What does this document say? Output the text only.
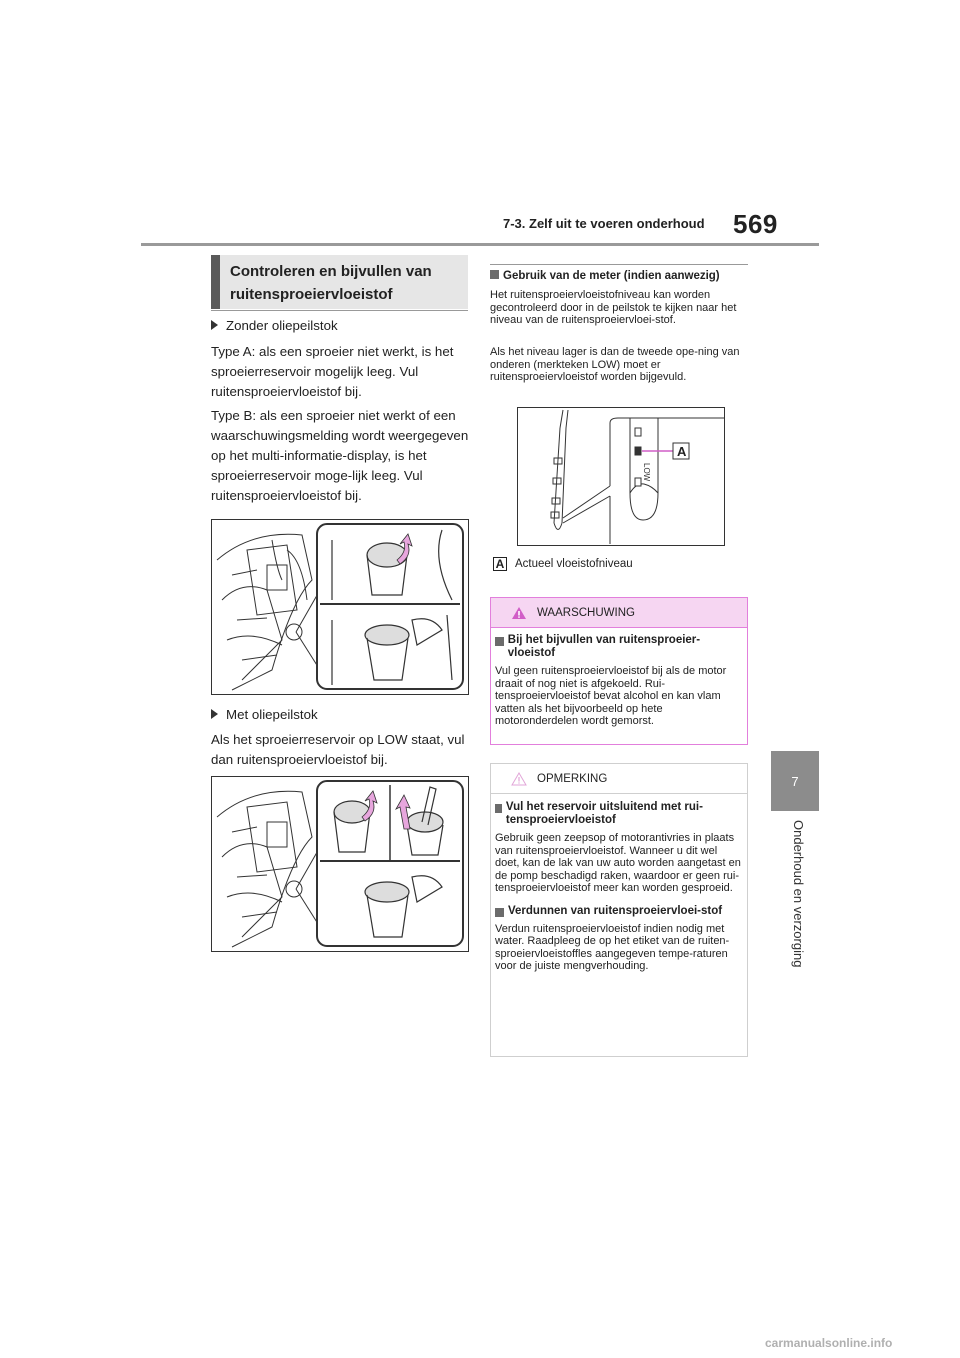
7-3. Zelf uit te voeren onderhoud 569
7
Onderhoud en verzorging
Controleren en bijvullen van ruitensproeiervloeistof
Zonder oliepeilstok
Type A: als een sproeier niet werkt, is het sproeierreservoir mogelijk leeg. Vul ruitensproeiervloeistof bij.
Type B: als een sproeier niet werkt of een waarschuwingsmelding wordt weergegeven op het multi-informatie-display, is het sproeierreservoir moge-lijk leeg. Vul ruitensproeiervloeistof bij.
Met oliepeilstok
Als het sproeierreservoir op LOW staat, vul dan ruitensproeiervloeistof bij.
Gebruik van de meter (indien aanwezig)
Het ruitensproeiervloeistofniveau kan worden gecontroleerd door in de peilstok te kijken naar het niveau van de ruitensproeiervloei-stof.
Als het niveau lager is dan de tweede ope-ning van onderen (merkteken LOW) moet er ruitensproeiervloeistof worden bijgevuld.
LOW
A
A Actueel vloeistofniveau
WAARSCHUWING
Bij het bijvullen van ruitensproeier-vloeistof
Vul geen ruitensproeiervloeistof bij als de motor draait of nog niet is afgekoeld. Rui-tensproeiervloeistof bevat alcohol en kan vlam vatten als het bijvoorbeeld op hete motoronderdelen wordt gemorst.
OPMERKING
Vul het reservoir uitsluitend met rui-tensproeiervloeistof
Gebruik geen zeepsop of motorantivries in plaats van ruitensproeiervloeistof. Wanneer u dit wel doet, kan de lak van uw auto worden aangetast en de pomp beschadigd raken, waardoor er geen rui-tensproeiervloeistof meer kan worden gesproeid.
Verdunnen van ruitensproeiervloei-stof
Verdun ruitensproeiervloeistof indien nodig met water. Raadpleeg de op het etiket van de ruiten-sproeiervloeistoffles aangegeven tempe-raturen voor de juiste mengverhouding.
carmanualsonline.info
